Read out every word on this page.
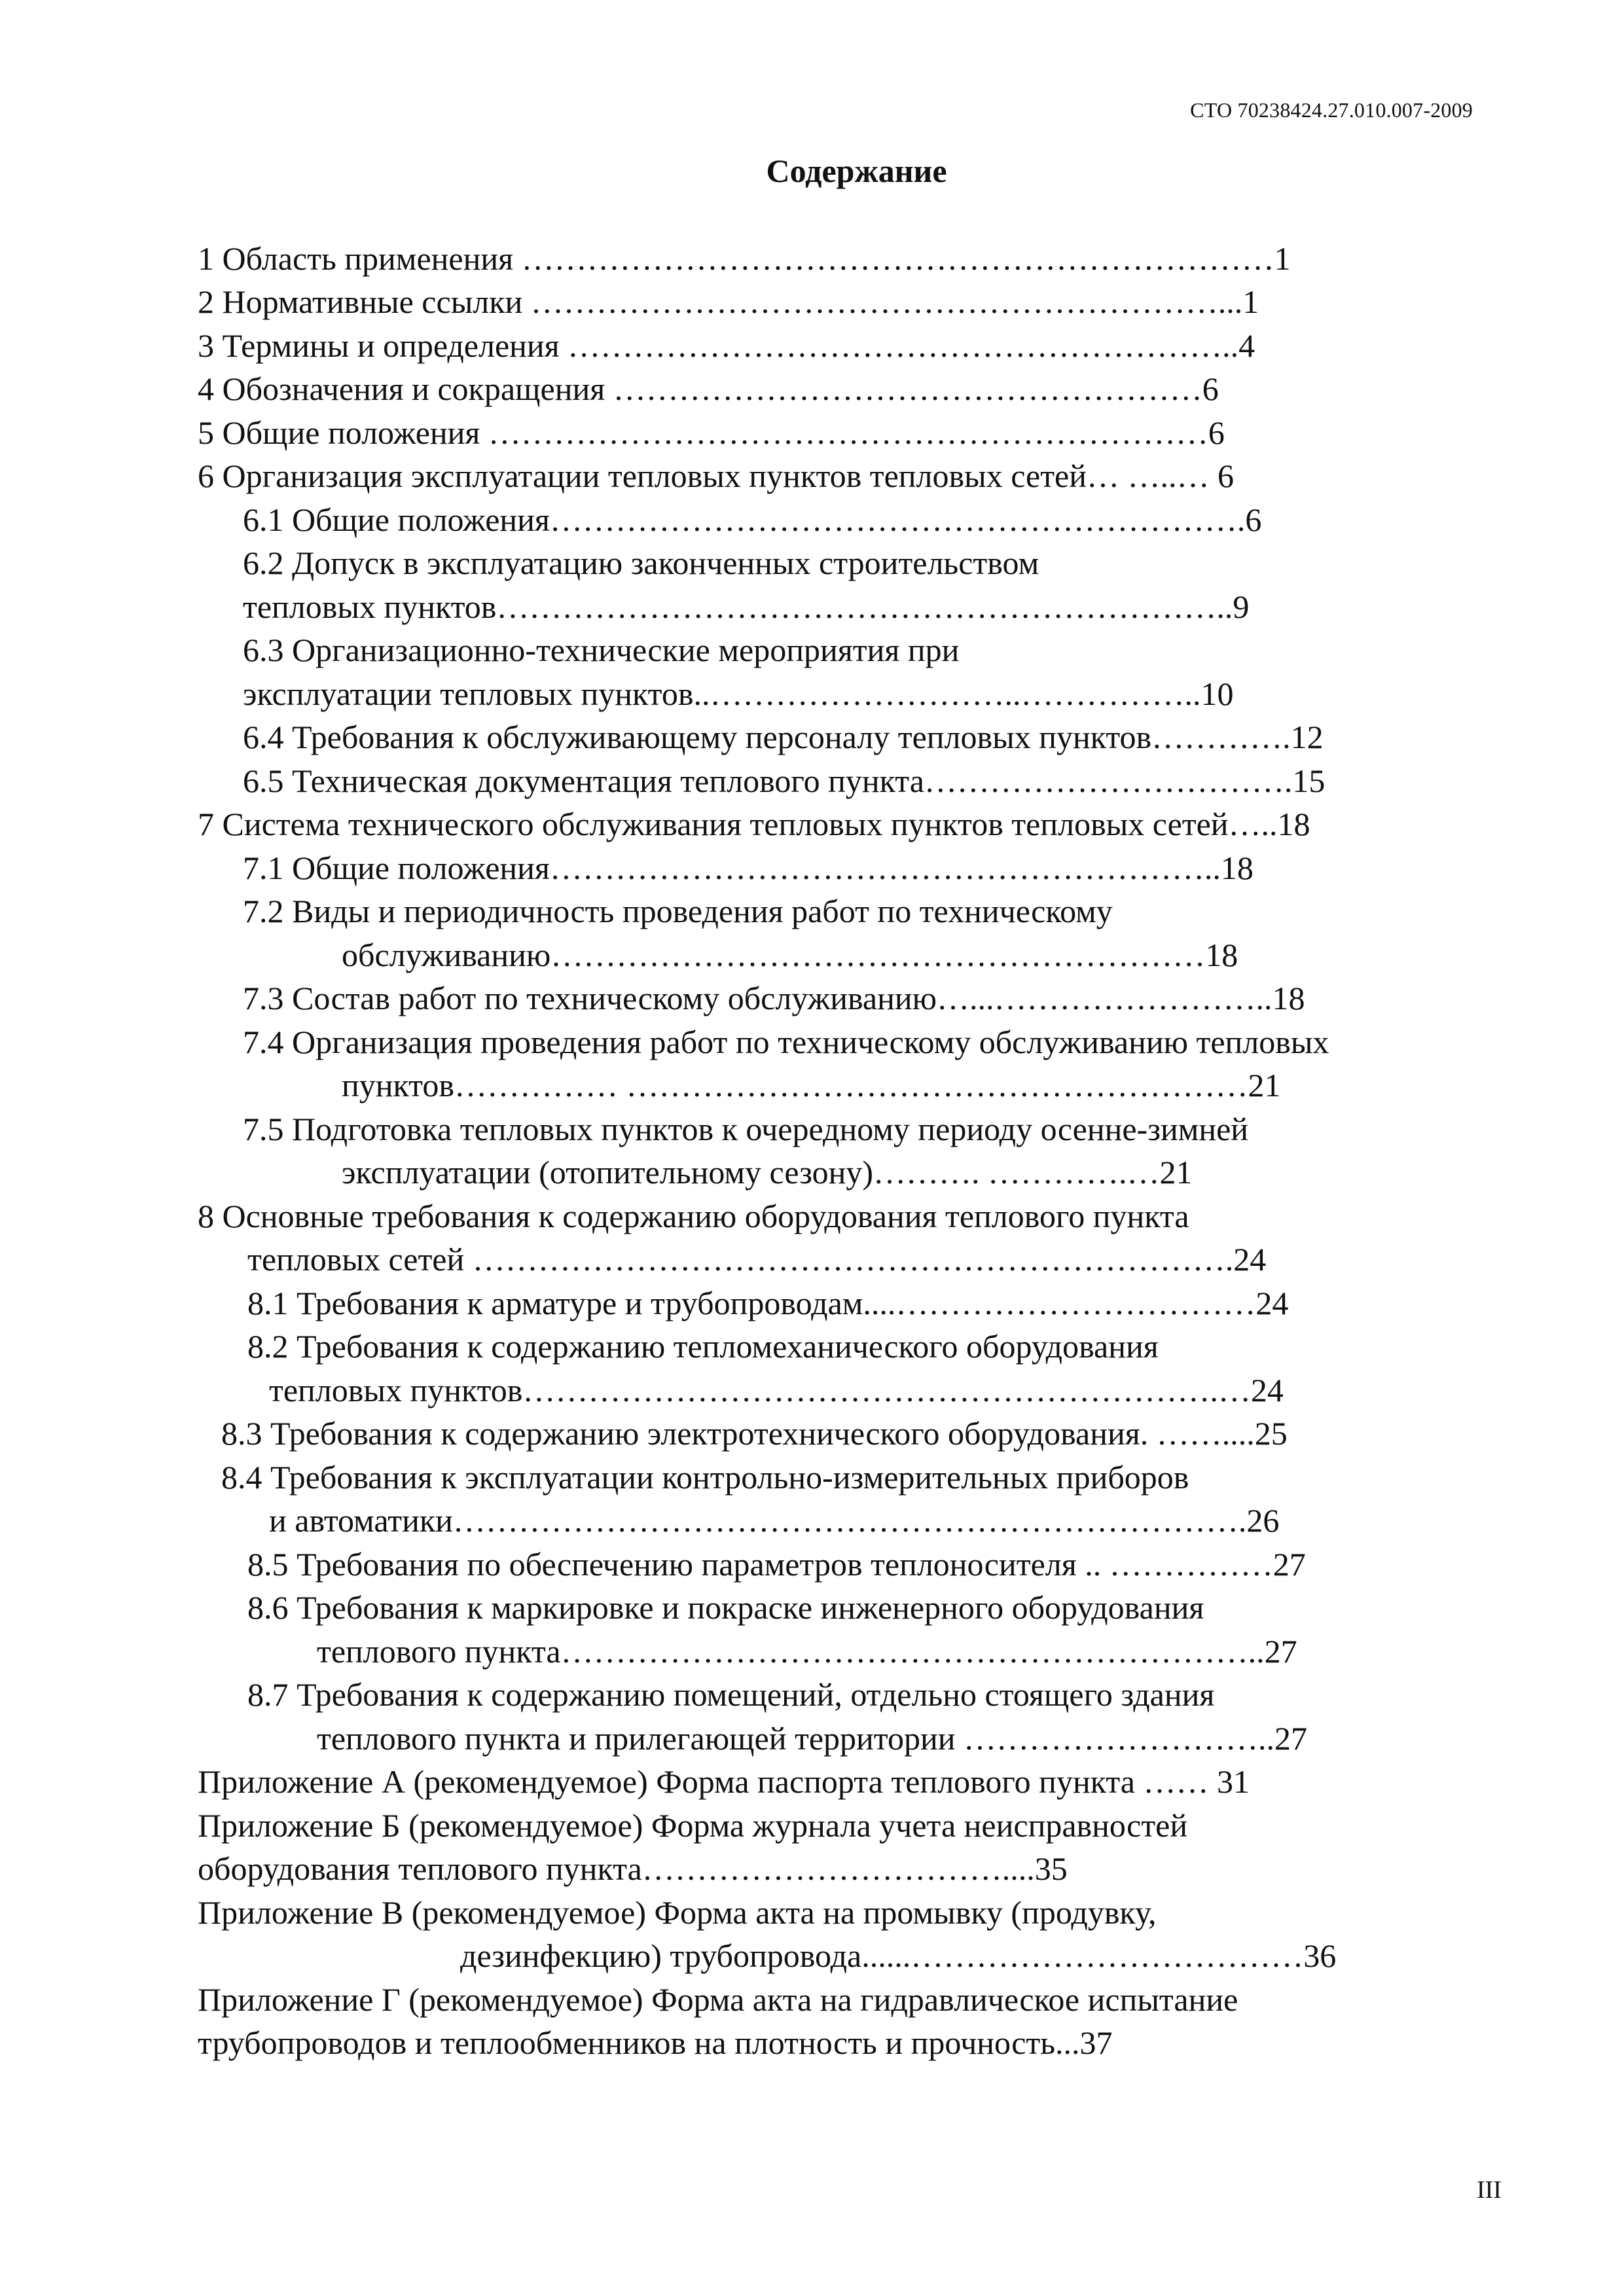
СТО 70238424.27.010.007-2009
Содержание
1 Область применения ……………………………………………………………1
2 Нормативные ссылки ………………………………………………………...1
3 Термины и определения ……………………………………………………..4
4 Обозначения и сокращения ………………………………………………6
5 Общие положения …………………………………………………………6
6 Организация эксплуатации тепловых пунктов тепловых сетей… …..… 6
6.1 Общие положения……………………………………………………….6
6.2 Допуск в эксплуатацию законченных строительством
тепловых пунктов…………………………………………………………..9
6.3 Организационно-технические мероприятия при
эксплуатации тепловых пунктов..………………………..……………..10
6.4 Требования к обслуживающему персоналу тепловых пунктов………….12
6.5 Техническая документация теплового пункта…………………………….15
7 Система технического обслуживания тепловых пунктов тепловых сетей…..18
7.1 Общие положения……………………………………………………..18
7.2 Виды и периодичность проведения работ по техническому
обслуживанию……………………………………………………18
7.3 Состав работ по техническому обслуживанию…...……………………..18
7.4 Организация проведения работ по техническому обслуживанию тепловых
пунктов…………… …………………………………………………21
7.5 Подготовка тепловых пунктов к очередному периоду осенне-зимней
эксплуатации (отопительному сезону)………. ………….…21
8 Основные требования к содержанию оборудования теплового пункта
тепловых сетей …………………………………………………………….24
8.1 Требования к арматуре и трубопроводам....……………………………24
8.2 Требования к содержанию тепломеханического оборудования
тепловых пунктов……………………………………………………….…24
8.3 Требования к содержанию электротехнического оборудования. ……....25
8.4 Требования к эксплуатации контрольно-измерительных приборов
и автоматики……………………………………………………………….26
8.5 Требования по обеспечению параметров теплоносителя .. ……………27
8.6 Требования к маркировке и покраске инженерного оборудования
теплового пункта………………………………………………………..27
8.7 Требования к содержанию помещений, отдельно стоящего здания
теплового пункта и прилегающей территории ………………………..27
Приложение А (рекомендуемое) Форма паспорта теплового пункта …… 31
Приложение Б (рекомендуемое) Форма журнала учета неисправностей
оборудования теплового пункта……………………………....35
Приложение В (рекомендуемое) Форма акта на промывку (продувку,
дезинфекцию) трубопровода......………………………………36
Приложение Г (рекомендуемое) Форма акта на гидравлическое испытание
трубопроводов и теплообменников на плотность и прочность...37
III
